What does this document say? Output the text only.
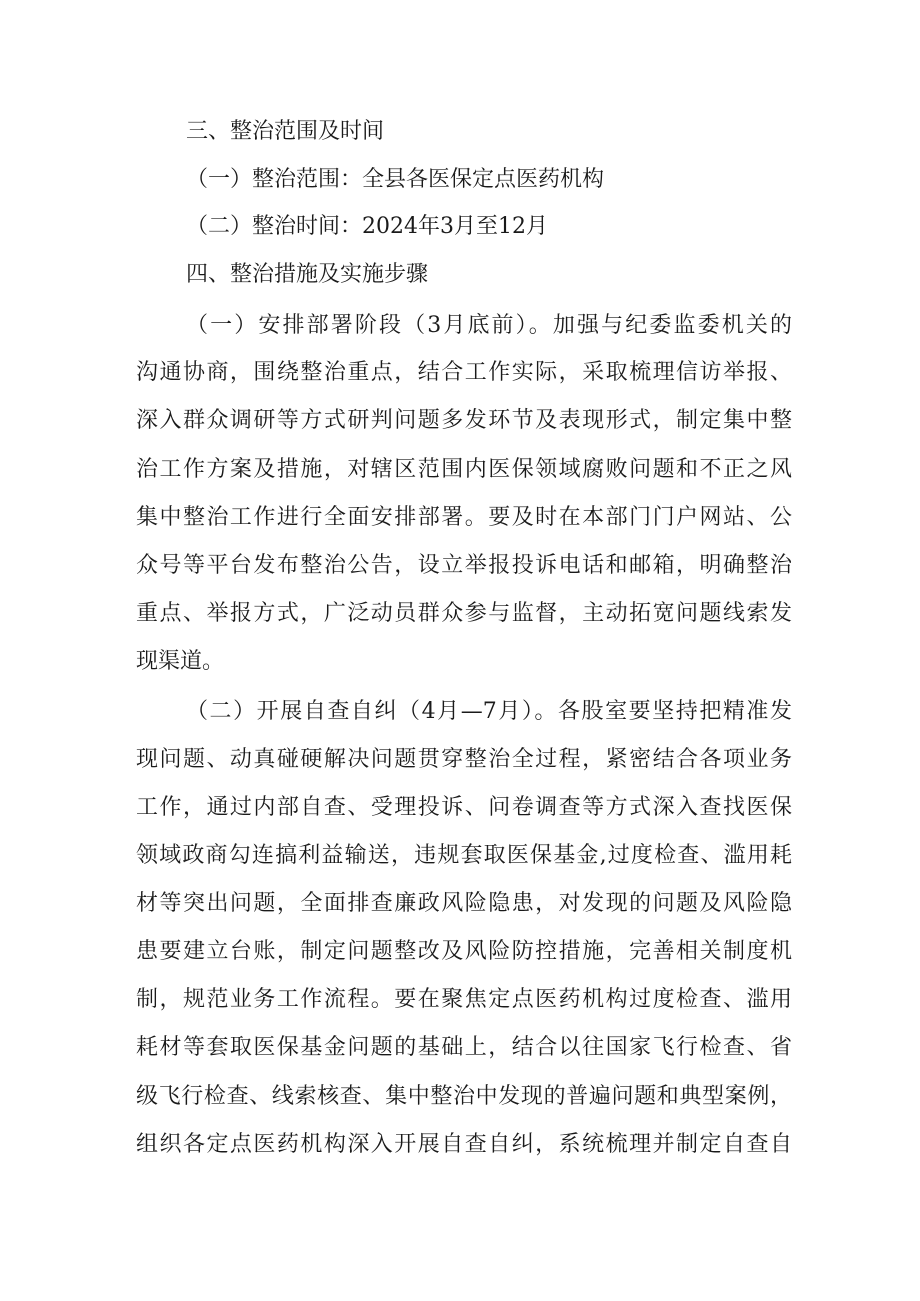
三、整治范围及时间

（一）整治范围：全县各医保定点医药机构

（二）整治时间：2024年3月至12月

四、整治措施及实施步骤

（一）安排部署阶段（3月底前）。加强与纪委监委机关的

沟通协商，围绕整治重点，结合工作实际，采取梳理信访举报、

深入群众调研等方式研判问题多发环节及表现形式，制定集中整

治工作方案及措施，对辖区范围内医保领域腐败问题和不正之风

集中整治工作进行全面安排部署。要及时在本部门门户网站、公

众号等平台发布整治公告，设立举报投诉电话和邮箱，明确整治

重点、举报方式，广泛动员群众参与监督，主动拓宽问题线索发

现渠道。

（二）开展自查自纠（4月—7月）。各股室要坚持把精准发

现问题、动真碰硬解决问题贯穿整治全过程，紧密结合各项业务

工作，通过内部自查、受理投诉、问卷调查等方式深入查找医保

领域政商勾连搞利益输送，违规套取医保基金,过度检查、滥用耗

材等突出问题，全面排查廉政风险隐患，对发现的问题及风险隐

患要建立台账，制定问题整改及风险防控措施，完善相关制度机

制，规范业务工作流程。要在聚焦定点医药机构过度检查、滥用

耗材等套取医保基金问题的基础上，结合以往国家飞行检查、省

级飞行检查、线索核查、集中整治中发现的普遍问题和典型案例，

组织各定点医药机构深入开展自查自纠，系统梳理并制定自查自
